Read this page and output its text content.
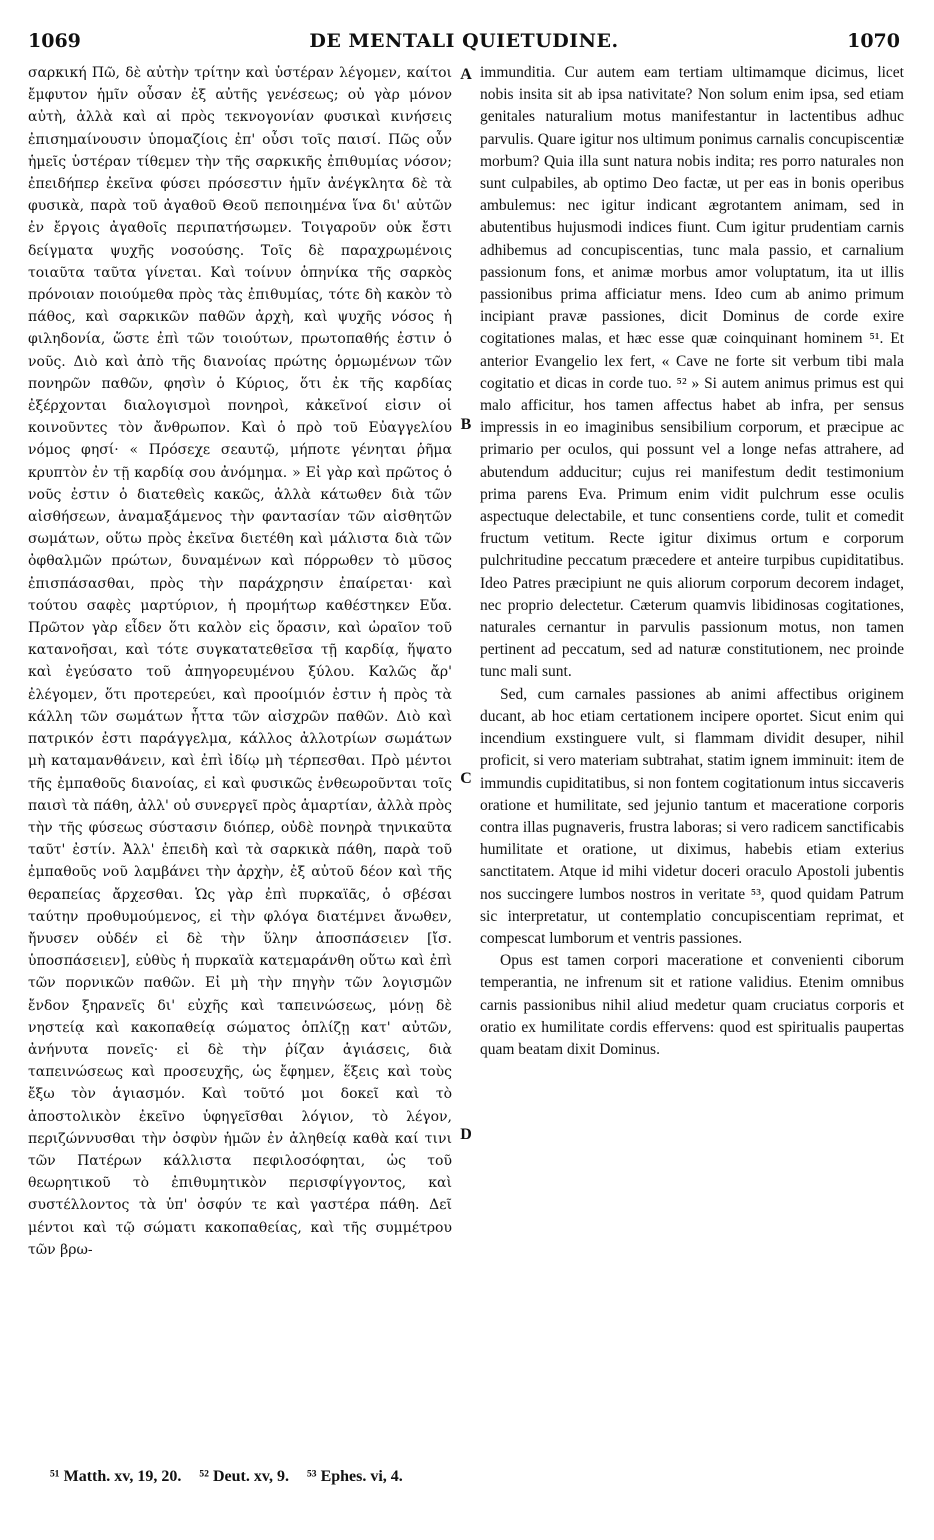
1069	DE MENTALI QUIETUDINE.	1070

σαρκική Πῶ, δὲ αὐτὴν τρίτην καὶ ὑστέραν λέγομεν, καίτοι ἔμφυτον ἡμῖν οὖσαν ἐξ αὐτῆς γενέσεως; οὐ γὰρ μόνον αὐτὴ, ἀλλὰ καὶ αἱ πρὸς τεκνογονίαν φυσικαὶ κινήσεις ἐπισημαίνουσιν ὑπομαζίοις ἐπ' οὖσι τοῖς παισί. Πῶς οὖν ἡμεῖς ὑστέραν τίθεμεν τὴν τῆς σαρκικῆς ἐπιθυμίας νόσον; ἐπειδήπερ ἐκεῖνα φύσει πρόσεστιν ἡμῖν ἀνέγκλητα δὲ τὰ φυσικὰ, παρὰ τοῦ ἀγαθοῦ Θεοῦ πεποιημένα ἵνα δι' αὐτῶν ἐν ἔργοις ἀγαθοῖς περιπατήσωμεν. Τοιγαροῦν οὐκ ἔστι δείγματα ψυχῆς νοσούσης. Τοῖς δὲ παραχρωμένοις τοιαῦτα ταῦτα γίνεται. Καὶ τοίνυν ὁπηνίκα τῆς σαρκὸς πρόνοιαν ποιούμεθα πρὸς τὰς ἐπιθυμίας, τότε δὴ κακὸν τὸ πάθος, καὶ σαρκικῶν παθῶν ἀρχὴ, καὶ ψυχῆς νόσος ἡ φιληδονία, ὥστε ἐπὶ τῶν τοιούτων, πρωτοπαθής ἐστιν ὁ νοῦς. Διὸ καὶ ἀπὸ τῆς διανοίας πρώτης ὁρμωμένων τῶν πονηρῶν παθῶν, φησὶν ὁ Κύριος, ὅτι ἐκ τῆς καρδίας ἐξέρχονται διαλογισμοὶ πονηροὶ, κἀκεῖνοί εἰσιν οἱ κοινοῦντες τὸν ἄνθρωπον. Καὶ ὁ πρὸ τοῦ Εὐαγγελίου νόμος φησί· « Πρόσεχε σεαυτῷ, μήποτε γένηται ῥῆμα κρυπτὸν ἐν τῇ καρδίᾳ σου ἀνόμημα. » Εἰ γὰρ καὶ πρῶτος ὁ νοῦς ἐστιν ὁ διατεθεὶς κακῶς, ἀλλὰ κάτωθεν διὰ τῶν αἰσθήσεων, ἀναμαξάμενος τὴν φαντασίαν τῶν αἰσθητῶν σωμάτων, οὕτω πρὸς ἐκεῖνα διετέθη καὶ μάλιστα διὰ τῶν ὀφθαλμῶν πρώτων, δυναμένων καὶ πόρρωθεν τὸ μῦσος ἐπισπάσασθαι, πρὸς τὴν παράχρησιν ἐπαίρεται· καὶ τούτου σαφὲς μαρτύριον, ἡ προμήτωρ καθέστηκεν Εὔα. Πρῶτον γὰρ εἶδεν ὅτι καλὸν εἰς ὅρασιν, καὶ ὡραῖον τοῦ κατανοῆσαι, καὶ τότε συγκατατεθεῖσα τῇ καρδίᾳ, ἥψατο καὶ ἐγεύσατο τοῦ ἀπηγορευμένου ξύλου. Καλῶς ἄρ' ἐλέγομεν, ὅτι προτερεύει, καὶ προοίμιόν ἐστιν ἡ πρὸς τὰ κάλλη τῶν σωμάτων ἧττα τῶν αἰσχρῶν παθῶν. Διὸ καὶ πατρικόν ἐστι παράγγελμα, κάλλος ἀλλοτρίων σωμάτων μὴ καταμανθάνειν, καὶ ἐπὶ ἰδίῳ μὴ τέρπεσθαι. Πρὸ μέντοι τῆς ἐμπαθοῦς διανοίας, εἰ καὶ φυσικῶς ἐνθεωροῦνται τοῖς παισὶ τὰ πάθη, ἀλλ' οὐ συνεργεῖ πρὸς ἁμαρτίαν, ἀλλὰ πρὸς τὴν τῆς φύσεως σύστασιν διόπερ, οὐδὲ πονηρὰ τηνικαῦτα ταῦτ' ἐστίν. Ἀλλ' ἐπειδὴ καὶ τὰ σαρκικὰ πάθη, παρὰ τοῦ ἐμπαθοῦς νοῦ λαμβάνει τὴν ἀρχὴν, ἐξ αὐτοῦ δέον καὶ τῆς θεραπείας ἄρχεσθαι. Ὡς γὰρ ἐπὶ πυρκαϊᾶς, ὁ σβέσαι ταύτην προθυμούμενος, εἰ τὴν φλόγα διατέμνει ἄνωθεν, ἤνυσεν οὐδέν εἰ δὲ τὴν ὕλην ἀποσπάσειεν [ἴσ. ὑποσπάσειεν], εὐθὺς ἡ πυρκαϊὰ κατεμαράνθη οὕτω καὶ ἐπὶ τῶν πορνικῶν παθῶν. Εἰ μὴ τὴν πηγὴν τῶν λογισμῶν ἔνδον ξηρανεῖς δι' εὐχῆς καὶ ταπεινώσεως, μόνῃ δὲ νηστείᾳ καὶ κακοπαθείᾳ σώματος ὁπλίζῃ κατ' αὐτῶν, ἀνήνυτα πονεῖς· εἰ δὲ τὴν ῥίζαν ἁγιάσεις, διὰ ταπεινώσεως καὶ προσευχῆς, ὡς ἔφημεν, ἕξεις καὶ τοὺς ἔξω τὸν ἁγιασμόν. Καὶ τοῦτό μοι δοκεῖ καὶ τὸ ἀποστολικὸν ἐκεῖνο ὑφηγεῖσθαι λόγιον, τὸ λέγον, περιζώννυσθαι τὴν ὀσφὺν ἡμῶν ἐν ἀληθείᾳ καθὰ καί τινι τῶν Πατέρων κάλλιστα πεφιλοσόφηται, ὡς τοῦ θεωρητικοῦ τὸ ἐπιθυμητικὸν περισφίγγοντος, καὶ συστέλλοντος τὰ ὑπ' ὀσφύν τε καὶ γαστέρα πάθη. Δεῖ μέντοι καὶ τῷ σώματι κακοπαθείας, καὶ τῆς συμμέτρου τῶν βρω-

A
B
C
D

immunditia. Cur autem eam tertiam ultimamque dicimus, licet nobis insita sit ab ipsa nativitate? Non solum enim ipsa, sed etiam genitales naturalium motus manifestantur in lactentibus adhuc parvulis. Quare igitur nos ultimum ponimus carnalis concupiscentiæ morbum? Quia illa sunt natura nobis indita; res porro naturales non sunt culpabiles, ab optimo Deo factæ, ut per eas in bonis operibus ambulemus: nec igitur indicant ægrotantem animam, sed in abutentibus hujusmodi indices fiunt. Cum igitur prudentiam carnis adhibemus ad concupiscentias, tunc mala passio, et carnalium passionum fons, et animæ morbus amor voluptatum, ita ut illis passionibus prima afficiatur mens. Ideo cum ab animo primum incipiant pravæ passiones, dicit Dominus de corde exire cogitationes malas, et hæc esse quæ coinquinant hominem ⁵¹. Et anterior Evangelio lex fert, « Cave ne forte sit verbum tibi mala cogitatio et dicas in corde tuo. ⁵² » Si autem animus primus est qui malo afficitur, hos tamen affectus habet ab infra, per sensus impressis in eo imaginibus sensibilium corporum, et præcipue ac primario per oculos, qui possunt vel a longe nefas attrahere, ad abutendum adducitur; cujus rei manifestum dedit testimonium prima parens Eva. Primum enim vidit pulchrum esse oculis aspectuque delectabile, et tunc consentiens corde, tulit et comedit fructum vetitum. Recte igitur diximus ortum e corporum pulchritudine peccatum præcedere et anteire turpibus cupiditatibus. Ideo Patres præcipiunt ne quis aliorum corporum decorem indaget, nec proprio delectetur. Cæterum quamvis libidinosas cogitationes, naturales cernantur in parvulis passionum motus, non tamen pertinent ad peccatum, sed ad naturæ constitutionem, nec proinde tunc mali sunt.

Sed, cum carnales passiones ab animi affectibus originem ducant, ab hoc etiam certationem incipere oportet. Sicut enim qui incendium exstinguere vult, si flammam dividit desuper, nihil proficit, si vero materiam subtrahat, statim ignem imminuit: item de immundis cupiditatibus, si non fontem cogitationum intus siccaveris oratione et humilitate, sed jejunio tantum et maceratione corporis contra illas pugnaveris, frustra laboras; si vero radicem sanctificabis humilitate et oratione, ut diximus, habebis etiam exterius sanctitatem. Atque id mihi videtur doceri oraculo Apostoli jubentis nos succingere lumbos nostros in veritate ⁵³, quod quidam Patrum sic interpretatur, ut contemplatio concupiscentiam reprimat, et compescat lumborum et ventris passiones.

Opus est tamen corpori maceratione et convenienti ciborum temperantia, ne infrenum sit et ratione validius. Etenim omnibus carnis passionibus nihil aliud medetur quam cruciatus corporis et oratio ex humilitate cordis effervens: quod est spiritualis paupertas quam beatam dixit Dominus.

⁵¹ Matth. xv, 19, 20. ⁵² Deut. xv, 9. ⁵³ Ephes. vi, 4.
